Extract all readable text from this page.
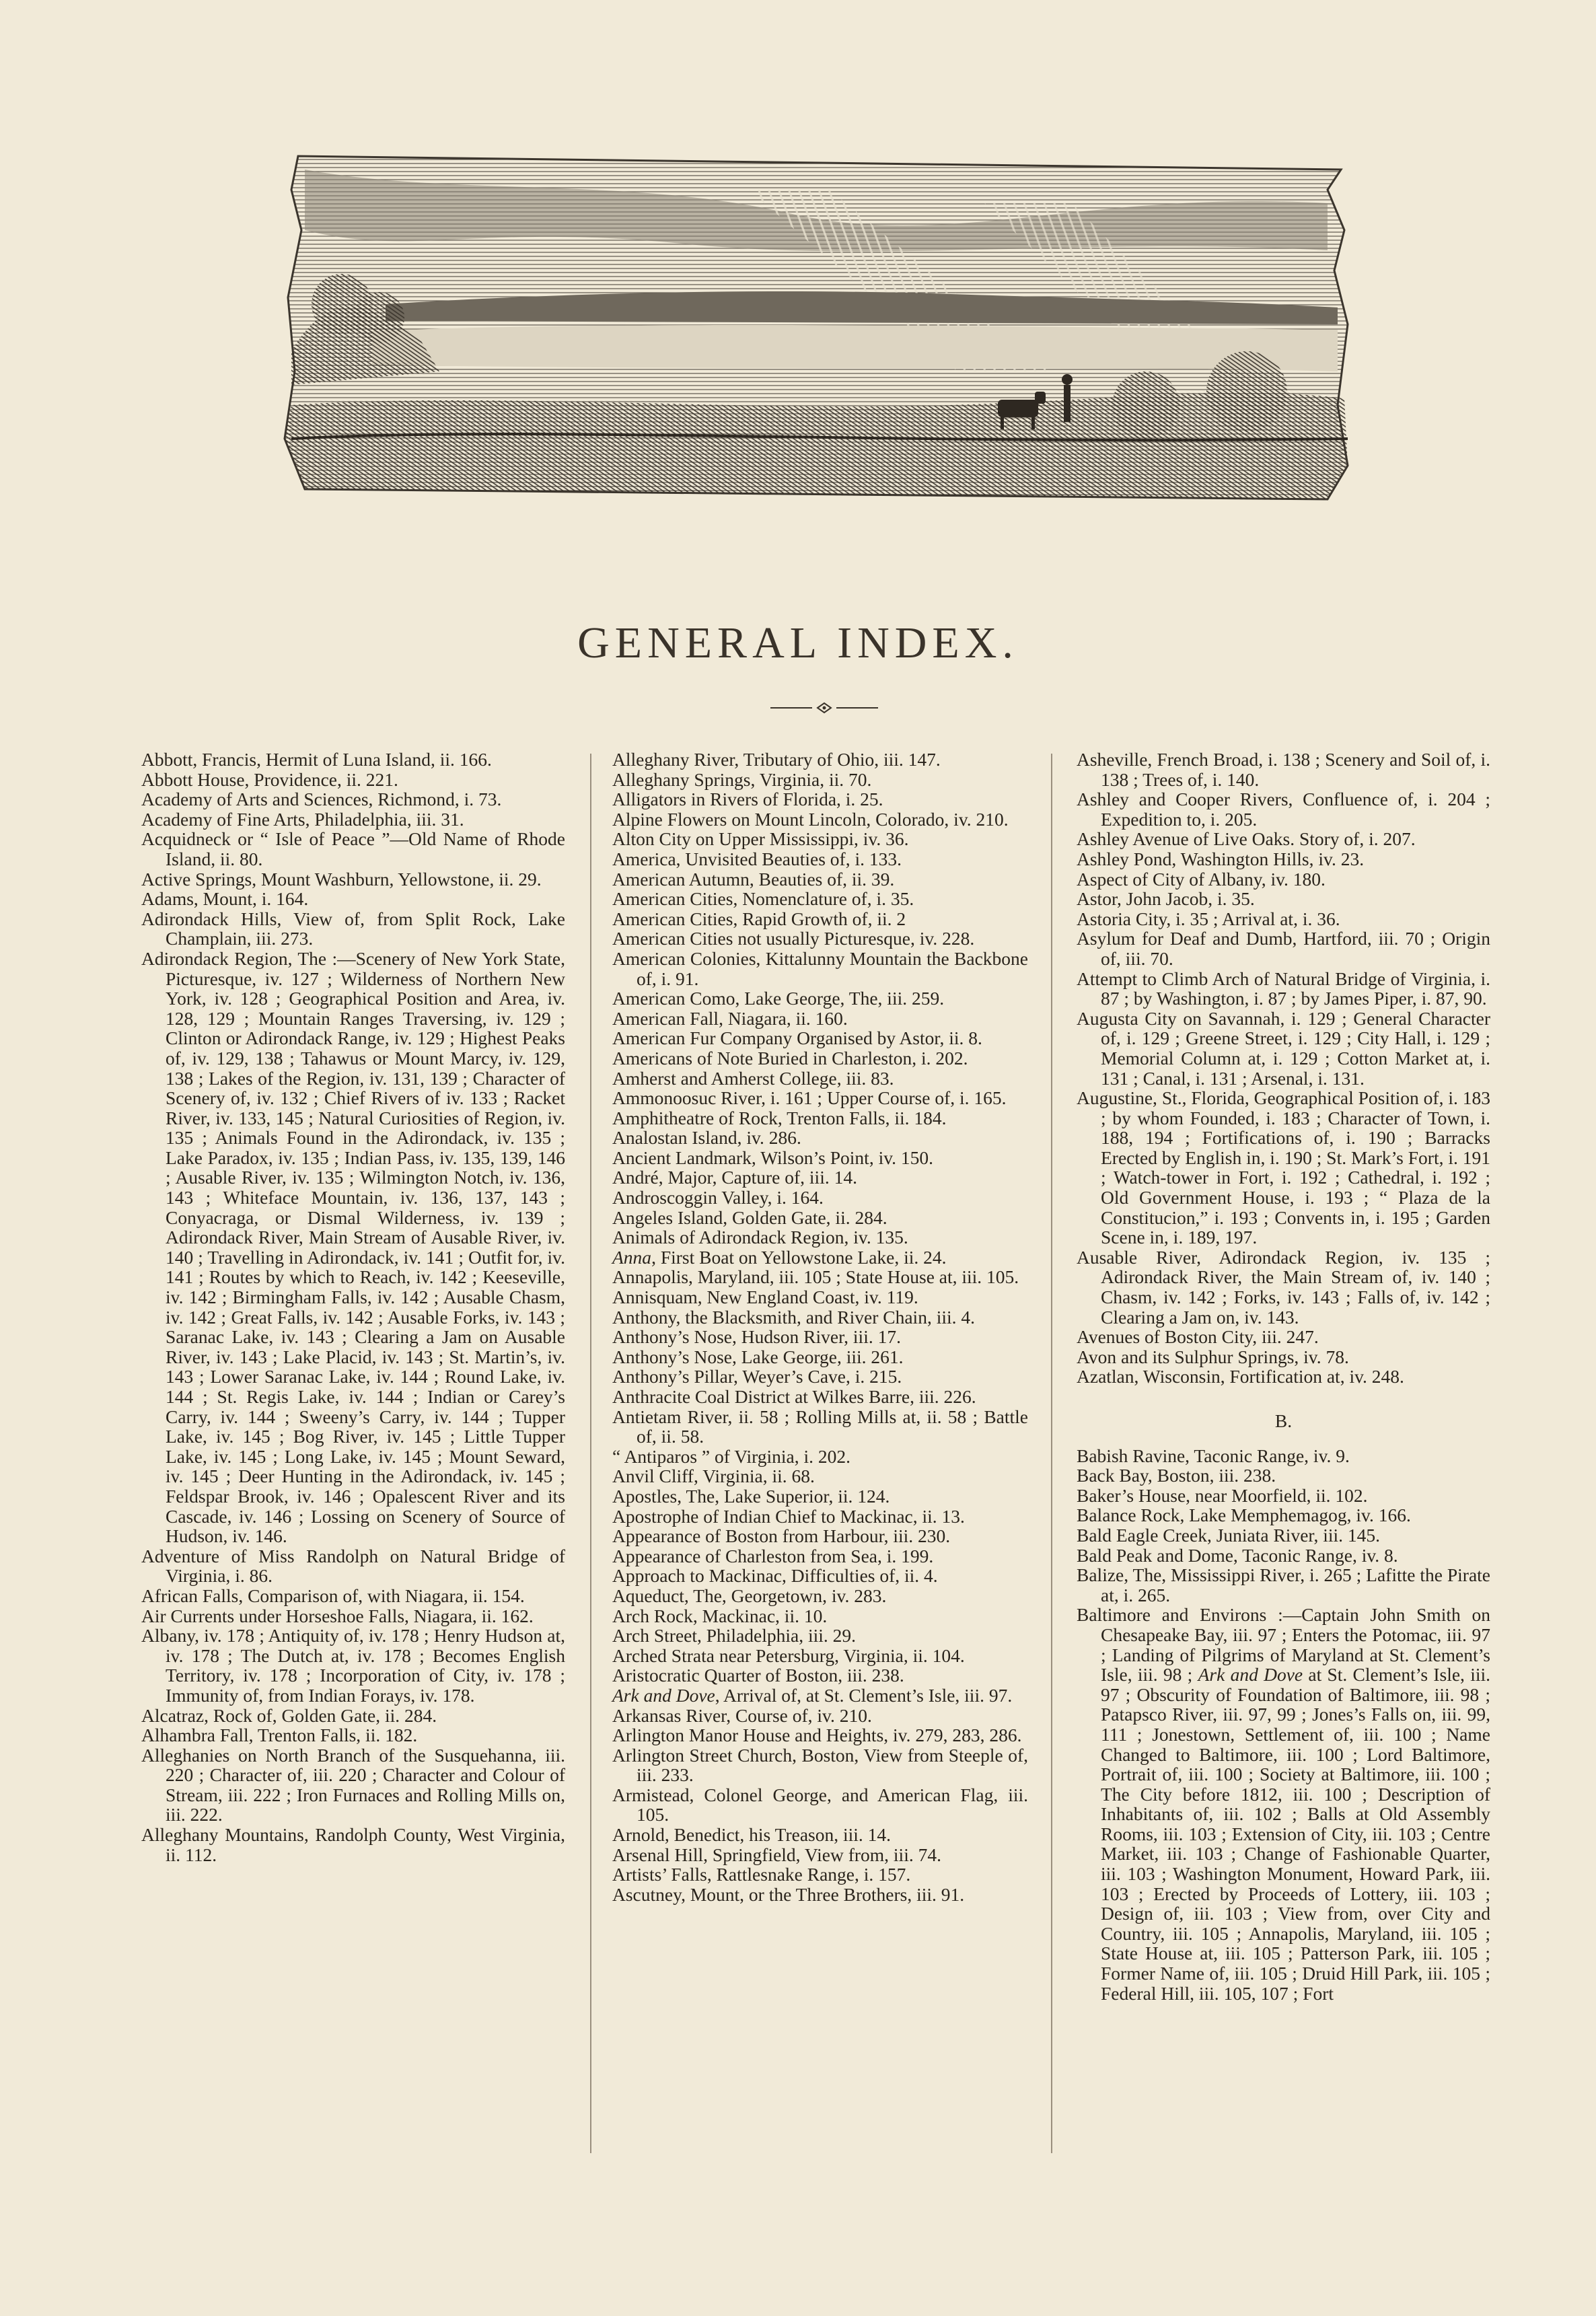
GENERAL INDEX.
Abbott, Francis, Hermit of Luna Island, ii. 166.
Abbott House, Providence, ii. 221.
Academy of Arts and Sciences, Richmond, i. 73.
Academy of Fine Arts, Philadelphia, iii. 31.
Acquidneck or “ Isle of Peace ”—Old Name of Rhode Island, ii. 80.
Active Springs, Mount Washburn, Yellowstone, ii. 29.
Adams, Mount, i. 164.
Adirondack Hills, View of, from Split Rock, Lake Champlain, iii. 273.
Adirondack Region, The :—Scenery of New York State, Picturesque, iv. 127 ; Wilderness of Northern New York, iv. 128 ; Geographical Position and Area, iv. 128, 129 ; Mountain Ranges Traversing, iv. 129 ; Clinton or Adirondack Range, iv. 129 ; Highest Peaks of, iv. 129, 138 ; Tahawus or Mount Marcy, iv. 129, 138 ; Lakes of the Region, iv. 131, 139 ; Character of Scenery of, iv. 132 ; Chief Rivers of iv. 133 ; Racket River, iv. 133, 145 ; Natural Curiosities of Region, iv. 135 ; Animals Found in the Adirondack, iv. 135 ; Lake Paradox, iv. 135 ; Indian Pass, iv. 135, 139, 146 ; Ausable River, iv. 135 ; Wilmington Notch, iv. 136, 143 ; Whiteface Mountain, iv. 136, 137, 143 ; Conyacraga, or Dismal Wilderness, iv. 139 ; Adirondack River, Main Stream of Ausable River, iv. 140 ; Travelling in Adirondack, iv. 141 ; Outfit for, iv. 141 ; Routes by which to Reach, iv. 142 ; Keeseville, iv. 142 ; Birmingham Falls, iv. 142 ; Ausable Chasm, iv. 142 ; Great Falls, iv. 142 ; Ausable Forks, iv. 143 ; Saranac Lake, iv. 143 ; Clearing a Jam on Ausable River, iv. 143 ; Lake Placid, iv. 143 ; St. Martin’s, iv. 143 ; Lower Saranac Lake, iv. 144 ; Round Lake, iv. 144 ; St. Regis Lake, iv. 144 ; Indian or Carey’s Carry, iv. 144 ; Sweeny’s Carry, iv. 144 ; Tupper Lake, iv. 145 ; Bog River, iv. 145 ; Little Tupper Lake, iv. 145 ; Long Lake, iv. 145 ; Mount Seward, iv. 145 ; Deer Hunting in the Adirondack, iv. 145 ; Feldspar Brook, iv. 146 ; Opalescent River and its Cascade, iv. 146 ; Lossing on Scenery of Source of Hudson, iv. 146.
Adventure of Miss Randolph on Natural Bridge of Virginia, i. 86.
African Falls, Comparison of, with Niagara, ii. 154.
Air Currents under Horseshoe Falls, Niagara, ii. 162.
Albany, iv. 178 ; Antiquity of, iv. 178 ; Henry Hudson at, iv. 178 ; The Dutch at, iv. 178 ; Becomes English Territory, iv. 178 ; Incorporation of City, iv. 178 ; Immunity of, from Indian Forays, iv. 178.
Alcatraz, Rock of, Golden Gate, ii. 284.
Alhambra Fall, Trenton Falls, ii. 182.
Alleghanies on North Branch of the Susquehanna, iii. 220 ; Character of, iii. 220 ; Character and Colour of Stream, iii. 222 ; Iron Furnaces and Rolling Mills on, iii. 222.
Alleghany Mountains, Randolph County, West Virginia, ii. 112.
Alleghany River, Tributary of Ohio, iii. 147.
Alleghany Springs, Virginia, ii. 70.
Alligators in Rivers of Florida, i. 25.
Alpine Flowers on Mount Lincoln, Colorado, iv. 210.
Alton City on Upper Mississippi, iv. 36.
America, Unvisited Beauties of, i. 133.
American Autumn, Beauties of, ii. 39.
American Cities, Nomenclature of, i. 35.
American Cities, Rapid Growth of, ii. 2
American Cities not usually Picturesque, iv. 228.
American Colonies, Kittalunny Mountain the Backbone of, i. 91.
American Como, Lake George, The, iii. 259.
American Fall, Niagara, ii. 160.
American Fur Company Organised by Astor, ii. 8.
Americans of Note Buried in Charleston, i. 202.
Amherst and Amherst College, iii. 83.
Ammonoosuc River, i. 161 ; Upper Course of, i. 165.
Amphitheatre of Rock, Trenton Falls, ii. 184.
Analostan Island, iv. 286.
Ancient Landmark, Wilson’s Point, iv. 150.
André, Major, Capture of, iii. 14.
Androscoggin Valley, i. 164.
Angeles Island, Golden Gate, ii. 284.
Animals of Adirondack Region, iv. 135.
Anna, First Boat on Yellowstone Lake, ii. 24.
Annapolis, Maryland, iii. 105 ; State House at, iii. 105.
Annisquam, New England Coast, iv. 119.
Anthony, the Blacksmith, and River Chain, iii. 4.
Anthony’s Nose, Hudson River, iii. 17.
Anthony’s Nose, Lake George, iii. 261.
Anthony’s Pillar, Weyer’s Cave, i. 215.
Anthracite Coal District at Wilkes Barre, iii. 226.
Antietam River, ii. 58 ; Rolling Mills at, ii. 58 ; Battle of, ii. 58.
“ Antiparos ” of Virginia, i. 202.
Anvil Cliff, Virginia, ii. 68.
Apostles, The, Lake Superior, ii. 124.
Apostrophe of Indian Chief to Mackinac, ii. 13.
Appearance of Boston from Harbour, iii. 230.
Appearance of Charleston from Sea, i. 199.
Approach to Mackinac, Difficulties of, ii. 4.
Aqueduct, The, Georgetown, iv. 283.
Arch Rock, Mackinac, ii. 10.
Arch Street, Philadelphia, iii. 29.
Arched Strata near Petersburg, Virginia, ii. 104.
Aristocratic Quarter of Boston, iii. 238.
Ark and Dove, Arrival of, at St. Clement’s Isle, iii. 97.
Arkansas River, Course of, iv. 210.
Arlington Manor House and Heights, iv. 279, 283, 286.
Arlington Street Church, Boston, View from Steeple of, iii. 233.
Armistead, Colonel George, and American Flag, iii. 105.
Arnold, Benedict, his Treason, iii. 14.
Arsenal Hill, Springfield, View from, iii. 74.
Artists’ Falls, Rattlesnake Range, i. 157.
Ascutney, Mount, or the Three Brothers, iii. 91.
Asheville, French Broad, i. 138 ; Scenery and Soil of, i. 138 ; Trees of, i. 140.
Ashley and Cooper Rivers, Confluence of, i. 204 ; Expedition to, i. 205.
Ashley Avenue of Live Oaks. Story of, i. 207.
Ashley Pond, Washington Hills, iv. 23.
Aspect of City of Albany, iv. 180.
Astor, John Jacob, i. 35.
Astoria City, i. 35 ; Arrival at, i. 36.
Asylum for Deaf and Dumb, Hartford, iii. 70 ; Origin of, iii. 70.
Attempt to Climb Arch of Natural Bridge of Virginia, i. 87 ; by Washington, i. 87 ; by James Piper, i. 87, 90.
Augusta City on Savannah, i. 129 ; General Character of, i. 129 ; Greene Street, i. 129 ; City Hall, i. 129 ; Memorial Column at, i. 129 ; Cotton Market at, i. 131 ; Canal, i. 131 ; Arsenal, i. 131.
Augustine, St., Florida, Geographical Position of, i. 183 ; by whom Founded, i. 183 ; Character of Town, i. 188, 194 ; Fortifications of, i. 190 ; Barracks Erected by English in, i. 190 ; St. Mark’s Fort, i. 191 ; Watch-tower in Fort, i. 192 ; Cathedral, i. 192 ; Old Government House, i. 193 ; “ Plaza de la Constitucion,” i. 193 ; Convents in, i. 195 ; Garden Scene in, i. 189, 197.
Ausable River, Adirondack Region, iv. 135 ; Adirondack River, the Main Stream of, iv. 140 ; Chasm, iv. 142 ; Forks, iv. 143 ; Falls of, iv. 142 ; Clearing a Jam on, iv. 143.
Avenues of Boston City, iii. 247.
Avon and its Sulphur Springs, iv. 78.
Azatlan, Wisconsin, Fortification at, iv. 248.
B.
Babish Ravine, Taconic Range, iv. 9.
Back Bay, Boston, iii. 238.
Baker’s House, near Moorfield, ii. 102.
Balance Rock, Lake Memphemagog, iv. 166.
Bald Eagle Creek, Juniata River, iii. 145.
Bald Peak and Dome, Taconic Range, iv. 8.
Balize, The, Mississippi River, i. 265 ; Lafitte the Pirate at, i. 265.
Baltimore and Environs :—Captain John Smith on Chesapeake Bay, iii. 97 ; Enters the Potomac, iii. 97 ; Landing of Pilgrims of Maryland at St. Clement’s Isle, iii. 98 ; Ark and Dove at St. Clement’s Isle, iii. 97 ; Obscurity of Foundation of Baltimore, iii. 98 ; Patapsco River, iii. 97, 99 ; Jones’s Falls on, iii. 99, 111 ; Jonestown, Settlement of, iii. 100 ; Name Changed to Baltimore, iii. 100 ; Lord Baltimore, Portrait of, iii. 100 ; Society at Baltimore, iii. 100 ; The City before 1812, iii. 100 ; Description of Inhabitants of, iii. 102 ; Balls at Old Assembly Rooms, iii. 103 ; Extension of City, iii. 103 ; Centre Market, iii. 103 ; Change of Fashionable Quarter, iii. 103 ; Washington Monument, Howard Park, iii. 103 ; Erected by Proceeds of Lottery, iii. 103 ; Design of, iii. 103 ; View from, over City and Country, iii. 105 ; Annapolis, Maryland, iii. 105 ; State House at, iii. 105 ; Patterson Park, iii. 105 ; Former Name of, iii. 105 ; Druid Hill Park, iii. 105 ; Federal Hill, iii. 105, 107 ; Fort
